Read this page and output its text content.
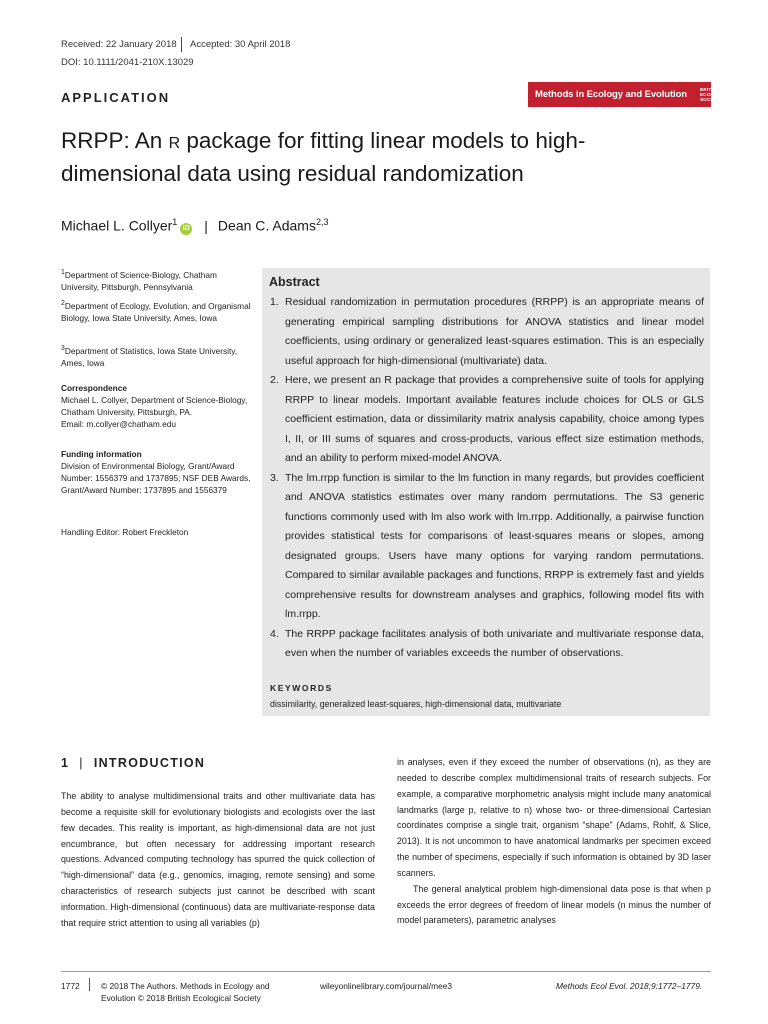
Received: 22 January 2018 Accepted: 30 April 2018
DOI: 10.1111/2041-210X.13029
APPLICATION	Methods in Ecology and Evolution	BRITISH
ECOLOGICAL
SOCIETY
RRPP: An R package for fitting linear models to high-
dimensional data using residual randomization
Michael L. Collyer$^1$iD | Dean C. Adams$^{2,3}$
$^1$Department of Science-Biology, Chatham University, Pittsburgh, Pennsylvania
$^2$Department of Ecology, Evolution, and Organismal Biology, Iowa State University, Ames, Iowa
$^3$Department of Statistics, Iowa State University, Ames, Iowa
Correspondence
Michael L. Collyer, Department of Science-Biology, Chatham University, Pittsburgh, PA.
Email: m.collyer@chatham.edu
Funding information
Division of Environmental Biology, Grant/Award Number: 1556379 and 1737895; NSF DEB Awards, Grant/Award Number: 1737895 and 1556379
Handling Editor: Robert Freckleton
Abstract
1. Residual randomization in permutation procedures (RRPP) is an appropriate means of generating empirical sampling distributions for ANOVA statistics and linear model coefficients, using ordinary or generalized least-squares estimation. This is an especially useful approach for high-dimensional (multivariate) data.
2. Here, we present an R package that provides a comprehensive suite of tools for applying RRPP to linear models. Important available features include choices for OLS or GLS coefficient estimation, data or dissimilarity matrix analysis capability, choice among types I, II, or III sums of squares and cross-products, various effect size estimation methods, and an ability to perform mixed-model ANOVA.
3. The lm.rrpp function is similar to the lm function in many regards, but provides coefficient and ANOVA statistics estimates over many random permutations. The S3 generic functions commonly used with lm also work with lm.rrpp. Additionally, a pairwise function provides statistical tests for comparisons of least-squares means or slopes, among designated groups. Users have many options for varying random permutations. Compared to similar available packages and functions, RRPP is extremely fast and yields comprehensive results for downstream analyses and graphics, following model fits with lm.rrpp.
4. The RRPP package facilitates analysis of both univariate and multivariate response data, even when the number of variables exceeds the number of observations.
KEYWORDS
dissimilarity, generalized least-squares, high-dimensional data, multivariate
1 | INTRODUCTION

The ability to analyse multidimensional traits and other multivariate data has become a requisite skill for evolutionary biologists and ecologists over the last few decades. This reality is important, as high-dimensional data are not just encumbrance, but often necessary for addressing important research questions. Advanced computing technology has spurred the quick collection of “high-dimensional” data (e.g., genomics, imaging, remote sensing) and some characteristics of research subjects just cannot be described with scant information. High-dimensional (continuous) data are multivariate-response data that require strict attention to using all variables (p)

in analyses, even if they exceed the number of observations (n), as they are needed to describe complex multidimensional traits of research subjects. For example, a comparative morphometric analysis might include many anatomical landmarks (large p, relative to n) whose two- or three-dimensional Cartesian coordinates comprise a single trait, organism “shape” (Adams, Rohlf, & Slice, 2013). It is not uncommon to have anatomical landmarks per specimen exceed the number of specimens, especially if such information is obtained by 3D laser scanners.

The general analytical problem high-dimensional data pose is that when p exceeds the error degrees of freedom of linear models (n minus the number of model parameters), parametric analyses

1772	© 2018 The Authors. Methods in Ecology and
Evolution © 2018 British Ecological Society
wileyonlinelibrary.com/journal/mee3	Methods Ecol Evol. 2018;9:1772–1779.
